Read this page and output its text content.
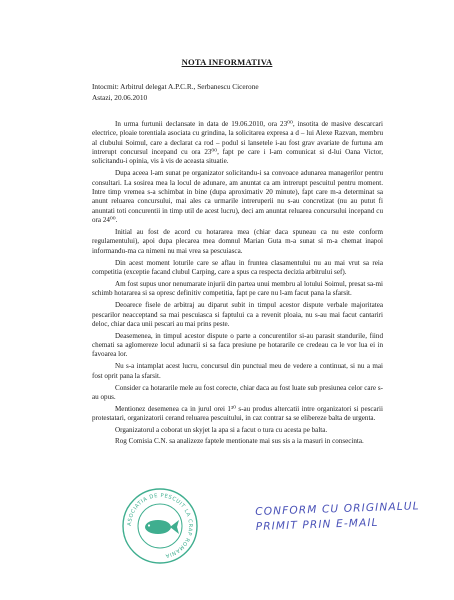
NOTA INFORMATIVA
Intocmit: Arbitrul delegat A.P.C.R., Serbanescu Cicerone
Astazi, 20.06.2010

In urma furtunii declansate in data de 19.06.2010, ora 23⁰⁰, insotita de masive descarcari electrice, ploaie torentiala asociata cu grindina, la solicitarea expresa a d – lui Alexe Razvan, membru al clubului Soimul, care a declarat ca rod – podul si lansetele i-au fost grav avariate de furtuna am intrerupt concursul incepand cu ora 23⁰⁰, fapt pe care i l-am comunicat si d-lui Oana Victor, solicitandu-i opinia, vis à vis de aceasta situatie.

Dupa aceea l-am sunat pe organizator solicitandu-i sa convoace adunarea managerilor pentru consultari. La sosirea mea la locul de adunare, am anuntat ca am intrerupt pescuitul pentru moment. Intre timp vremea s-a schimbat in bine (dupa aproximativ 20 minute), fapt care m-a determinat sa anunt reluarea concursului, mai ales ca urmarile intreruperii nu s-au concretizat (nu au putut fi anuntati toti concurentii in timp util de acest lucru), deci am anuntat reluarea concursului incepand cu ora 24⁰⁰.

Initial au fost de acord cu hotararea mea (chiar daca spuneau ca nu este conform regulamentului), apoi dupa plecarea mea domnul Marian Guta m-a sunat si m-a chemat inapoi informandu-ma ca nimeni nu mai vrea sa pescuiasca.

Din acest moment loturile care se aflau in fruntea clasamentului nu au mai vrut sa reia competitia (exceptie facand clubul Carping, care a spus ca respecta decizia arbitrului sef).

Am fost supus unor nenumarate injurii din partea unui membru al lotului Soimul, presat sa-mi schimb hotararea si sa opresc definitiv competitia, fapt pe care nu l-am facut pana la sfarsit.

Deoarece fisele de arbitraj au diparut subit in timpul acestor dispute verbale majoritatea pescarilor neacceptand sa mai pescuiasca si faptului ca a revenit ploaia, nu s-au mai facut cantariri deloc, chiar daca unii pescari au mai prins peste.

Deasemenea, in timpul acestor dispute o parte a concurentilor si-au parasit standurile, fiind chemati sa aglomereze locul adunarii si sa faca presiune pe hotararile ce credeau ca le vor lua ei in favoarea lor.

Nu s-a intamplat acest lucru, concursul din punctual meu de vedere a continuat, si nu a mai fost oprit pana la sfarsit.

Consider ca hotararile mele au fost corecte, chiar daca au fost luate sub presiunea celor care s-au opus.

Mentionez desemenea ca in jurul orei 1³⁰ s-au produs altercatii intre organizatori si pescarii protestatari, organizatorii cerand reluarea pescuitului, in caz contrar sa se elibereze balta de urgenta.

Organizatorul a coborat un skyjet la apa si a facut o tura cu acesta pe balta.

Rog Comisia C.N. sa analizeze faptele mentionate mai sus sis a ia masuri in consecinta.

ASOCIATIA DE PESCUIT LA CRAP ROMANIA
CONFORM CU ORIGINALUL
PRIMIT PRIN E-MAIL
